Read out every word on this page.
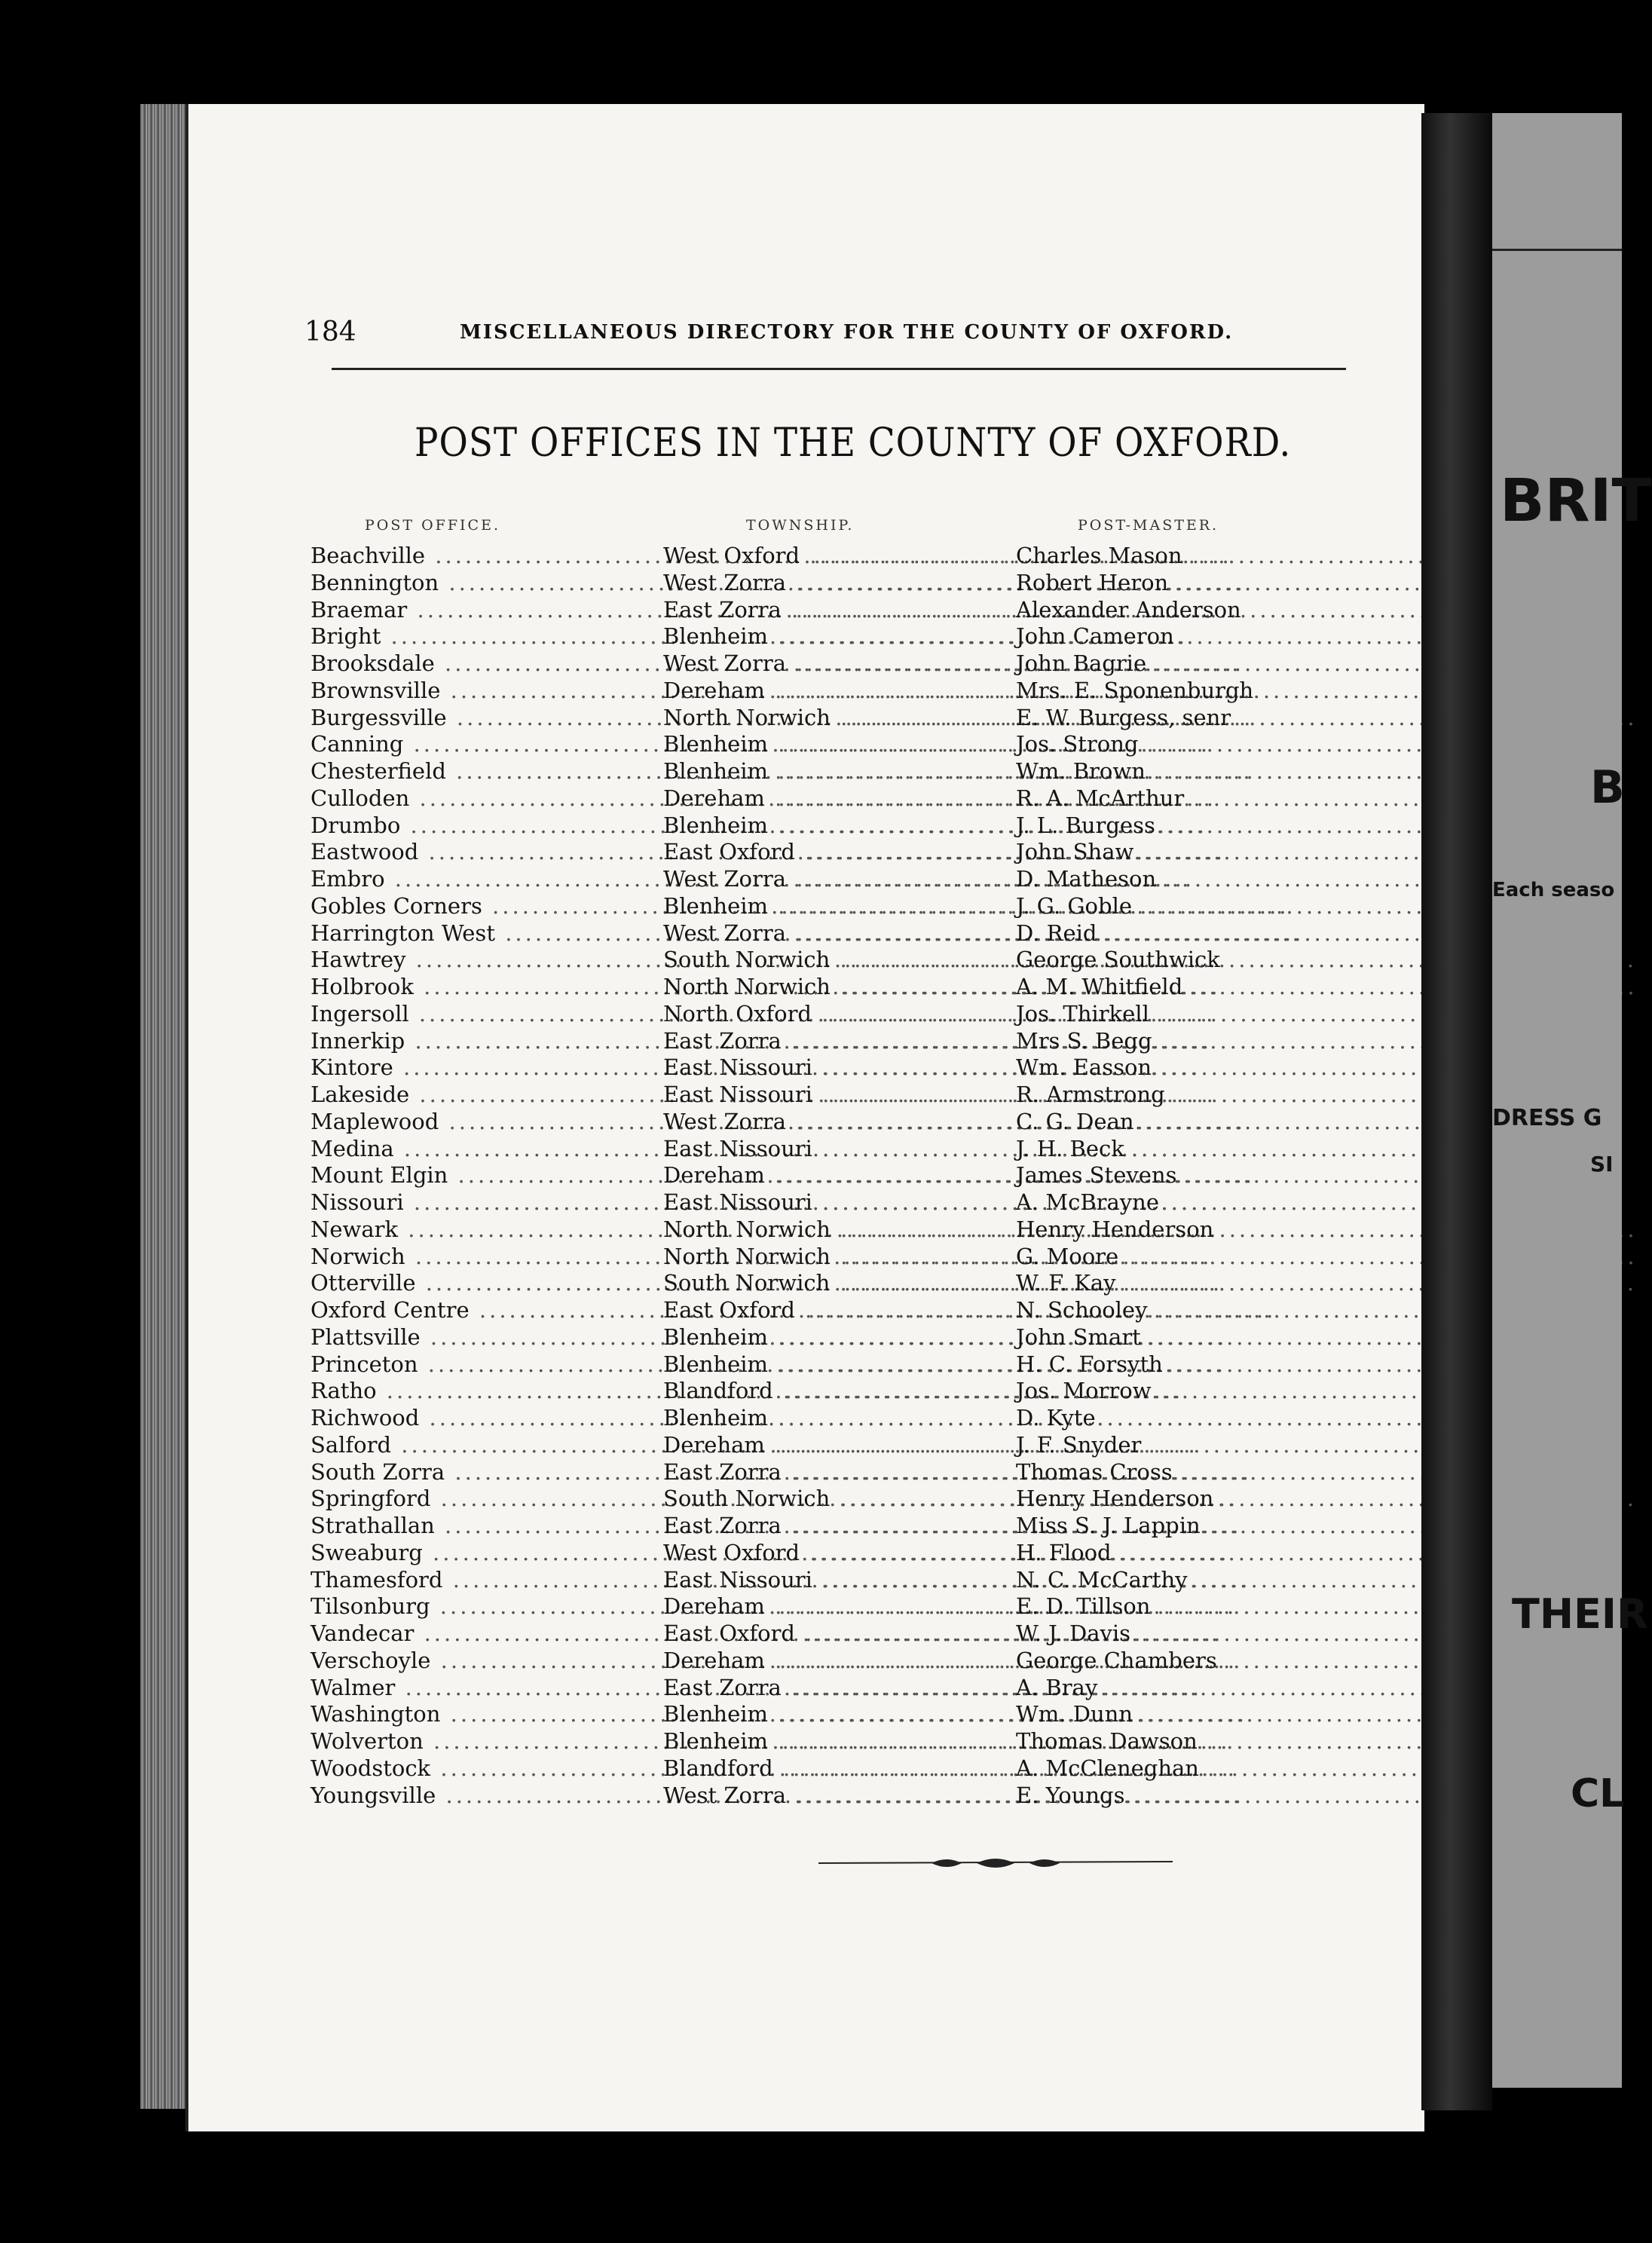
184	MISCELLANEOUS DIRECTORY FOR THE COUNTY OF OXFORD.
POST OFFICES IN THE COUNTY OF OXFORD.
POST OFFICE.	TOWNSHIP.	POST-MASTER.
Beachville .....	West Oxford .....	Charles Mason
Bennington .....	West Zorra .....	Robert Heron
Braemar .....	East Zorra .....	Alexander Anderson
Bright .....	Blenheim .....	John Cameron
Brooksdale .....	West Zorra .....	John Bagrie
Brownsville .....	Dereham .....	Mrs. E. Sponenburgh
Burgessville .....	North Norwich .....	E. W. Burgess, senr
Canning .....	Blenheim .....	Jos. Strong
Chesterfield .....	Blenheim .....	Wm. Brown
Culloden .....	Dereham .....	R. A. McArthur
Drumbo .....	Blenheim .....	J. L. Burgess
Eastwood .....	East Oxford .....	John Shaw
Embro .....	West Zorra .....	D. Matheson
Gobles Corners .....	Blenheim .....	J. G. Goble
Harrington West .....	West Zorra .....	D. Reid
Hawtrey .....	South Norwich .....	George Southwick
Holbrook .....	North Norwich .....	A. M. Whitfield
Ingersoll .....	North Oxford .....	Jos. Thirkell
Innerkip .....	East Zorra .....	Mrs S. Begg
Kintore .....	East Nissouri .....	Wm. Easson
Lakeside .....	East Nissouri .....	R. Armstrong
Maplewood .....	West Zorra .....	C. G. Dean
Medina .....	East Nissouri .....	J. H. Beck
Mount Elgin .....	Dereham .....	James Stevens
Nissouri .....	East Nissouri .....	A. McBrayne
Newark .....	North Norwich .....	Henry Henderson
Norwich .....	North Norwich .....	G. Moore
Otterville .....	South Norwich .....	W. F. Kay
Oxford Centre .....	East Oxford .....	N. Schooley
Plattsville .....	Blenheim .....	John Smart
Princeton .....	Blenheim .....	H. C. Forsyth
Ratho .....	Blandford .....	Jos. Morrow
Richwood .....	Blenheim .....	D. Kyte
Salford .....	Dereham .....	J. F. Snyder
South Zorra .....	East Zorra .....	Thomas Cross
Springford .....	South Norwich .....	Henry Henderson
Strathallan .....	East Zorra .....	Miss S. J. Lappin
Sweaburg .....	West Oxford .....	H. Flood
Thamesford .....	East Nissouri .....	N. C. McCarthy
Tilsonburg .....	Dereham .....	E. D. Tillson
Vandecar .....	East Oxford .....	W. J. Davis
Verschoyle .....	Dereham .....	George Chambers
Walmer .....	East Zorra .....	A. Bray
Washington .....	Blenheim .....	Wm. Dunn
Wolverton .....	Blenheim .....	Thomas Dawson
Woodstock .....	Blandford .....	A. McCleneghan
Youngsville .....	West Zorra .....	E. Youngs
BRIT
B
Each seaso
DRESS G
SI
THEIR
CL
